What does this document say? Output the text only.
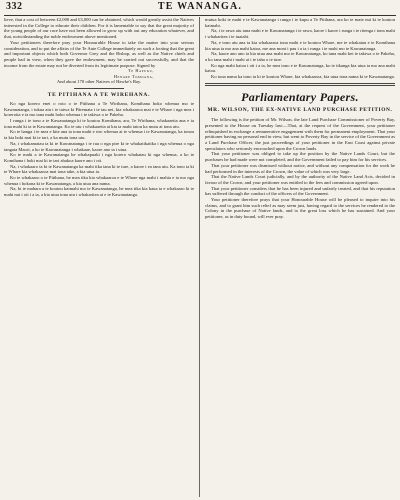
332	TE WANANGA.

lieve, that a cost of between £2,000 and £3,000 can be obtained, which would greatly assist the Natives interested in the College to educate their children. For it is lamentable to say that the great majority of the young people of our race have not been allowed to grow up with out any education whatever, and that, notwithstanding the noble endowment above mentioned.

Your petitioners therefore pray your Honourable House to take the matter into your serious consideration, and to put the affairs of the Te Aute College immediately on such a footing that the great and important objects which both Governor Grey and the Bishop, as well as the Native chiefs and people had in view, when they gave the endowment, may be carried out successfully, and that the income from the estate may not be diverted from its legitimate purpose. Signed by

Te Hapuku,
Henare Tomoana,
And about 170 other Natives of Hawke's Bay.
TE PITIHANA A TE WIREHANA.

Ko nga korero enei o roto o te Pitihana a Te Wirihana, Komihana hoko whenua mo te Kawanatanga, i tukua atu i te taiwa ki Pāremata i te tau nei, kia whakaaroa mai e te Whare i nga mea i korerotia e ia mo tana mahi hoko whenua i te takiwa o te Pakeha.

I runga i te tono a te Kawanatanga ki te koutou Komihana, ara, Te Wirihana, whakaaetia ana e ia tona mahi ki ta te Kawanatanga. Ko te utu i whakaaetia ai kia ia mahi tatou ka mutu ai tona utu.

Ko te hanga i te mea e kite ana ia tona mahi e riro whenua ai te whenua i te Kawanatanga, ka tonoa ia kia hoki mai ki te tari, a ka mutu tona utu.

Na, i whakamatau ia ki te Kawanatanga i te rua o nga pire ki te whakatikatika i nga whenua o nga tangata Maori, a ko te Kawanatanga i whakaae, kaore ano ia i utua.

Ko te mahi a te Kawanatanga he whakapuaki i nga korero whakatau ki nga whenua, a ko te Komihana i hoki mai ki te tari ahakoa kaore ano i oti.

Na, i whakaaro ia ki te Kawanatanga ka mahi tika tana ki te ture, a kaore i ea tana utu. Ka tono ia ki te Whare kia whakaaroa mai tona take, a kia utua ia.

Ko te whakaaro o te Pitihana, he mea tika kia whakaaroa e te Whare nga mahi i mahia e ia mo nga whenua i hokona ki te Kawanatanga, a kia utua ana nama.

Na, ki te mahara a te koutou kaimahi mo te Kawanatanga, he mea tika kia kaua ia e whakaaro ki te mahi nui i oti i a ia, a kia utua tona utu i whakaritea ai e te Kawanatanga.

mutua hoki te mahi e te Kawanatanga i runga i te kupu a Te Pitihana, ara ko te mate nui ki te koutou kaimahi.

Na, i te rawa atu tana mahi e te Kawanatanga i te rawa, kaore i kaore i runga i te ritenga i tona mahi i whakaritea i te tuatahi.

Na, e tono atu ana ia kia whakaaroa tona mahi e te koutou Whare, me te whakatau e te Komihana kia utua ia mo ana mahi katoa, me ana moni i pau i a ia i runga i te mahi mo te Kawanatanga.

Na, kaore ano ano ia kia utua ana mahi mo te Kawanatanga, ko tana mahi kei te takiwa o te Pakeha, a ko tana mahi i mahi ai i te taha o te ture.

Ko nga mahi katoa i oti i a ia, he mea tono e te Kawanatanga, ko te tikanga kia utua ia mo ana mahi katoa.

Ko tona nama ka tono ia ki te koutou Whare, kia whakaaroa, kia utua tona nama ki te Kawanatanga.

Parliamentary Papers.
MR. WILSON, THE EX-NATIVE LAND PURCHASE PETITION.

The following is the petition of Mr. Wilson, the late Land Purchase Commissioner of Poverty Bay, presented to the House on Tuesday last:—That, at the request of the Government, your petitioner relinquished in exchange a remunerative engagement with them for permanent employment. That your petitioner having no personal end in view, but went to Poverty Bay in the service of the Government as a Land Purchase Officer, the just proceedings of your petitioner in the East Coast against private speculators who seriously encroached upon the Crown lands.

That your petitioner was obliged to take up the position by the Native Lands Court, but the purchases he had made were not completed, and the Government failed to pay him for his services.

That your petitioner was dismissed without notice, and without any compensation for the work he had performed in the interests of the Crown, the value of which was very large.

That the Native Lands Court judicially, and by the authority of the Native Land Acts, decided in favour of the Crown, and your petitioner was entitled to the fees and commission agreed upon.

That your petitioner considers that he has been injured and unfairly treated, and that his reputation has suffered through the conduct of the officers of the Government.

Your petitioner therefore prays that your Honourable House will be pleased to inquire into his claims, and to grant him such relief as may seem just, having regard to the services he rendered to the Colony in the purchase of Native lands, and to the great loss which he has sustained. And your petitioner, as in duty bound, will ever pray.
